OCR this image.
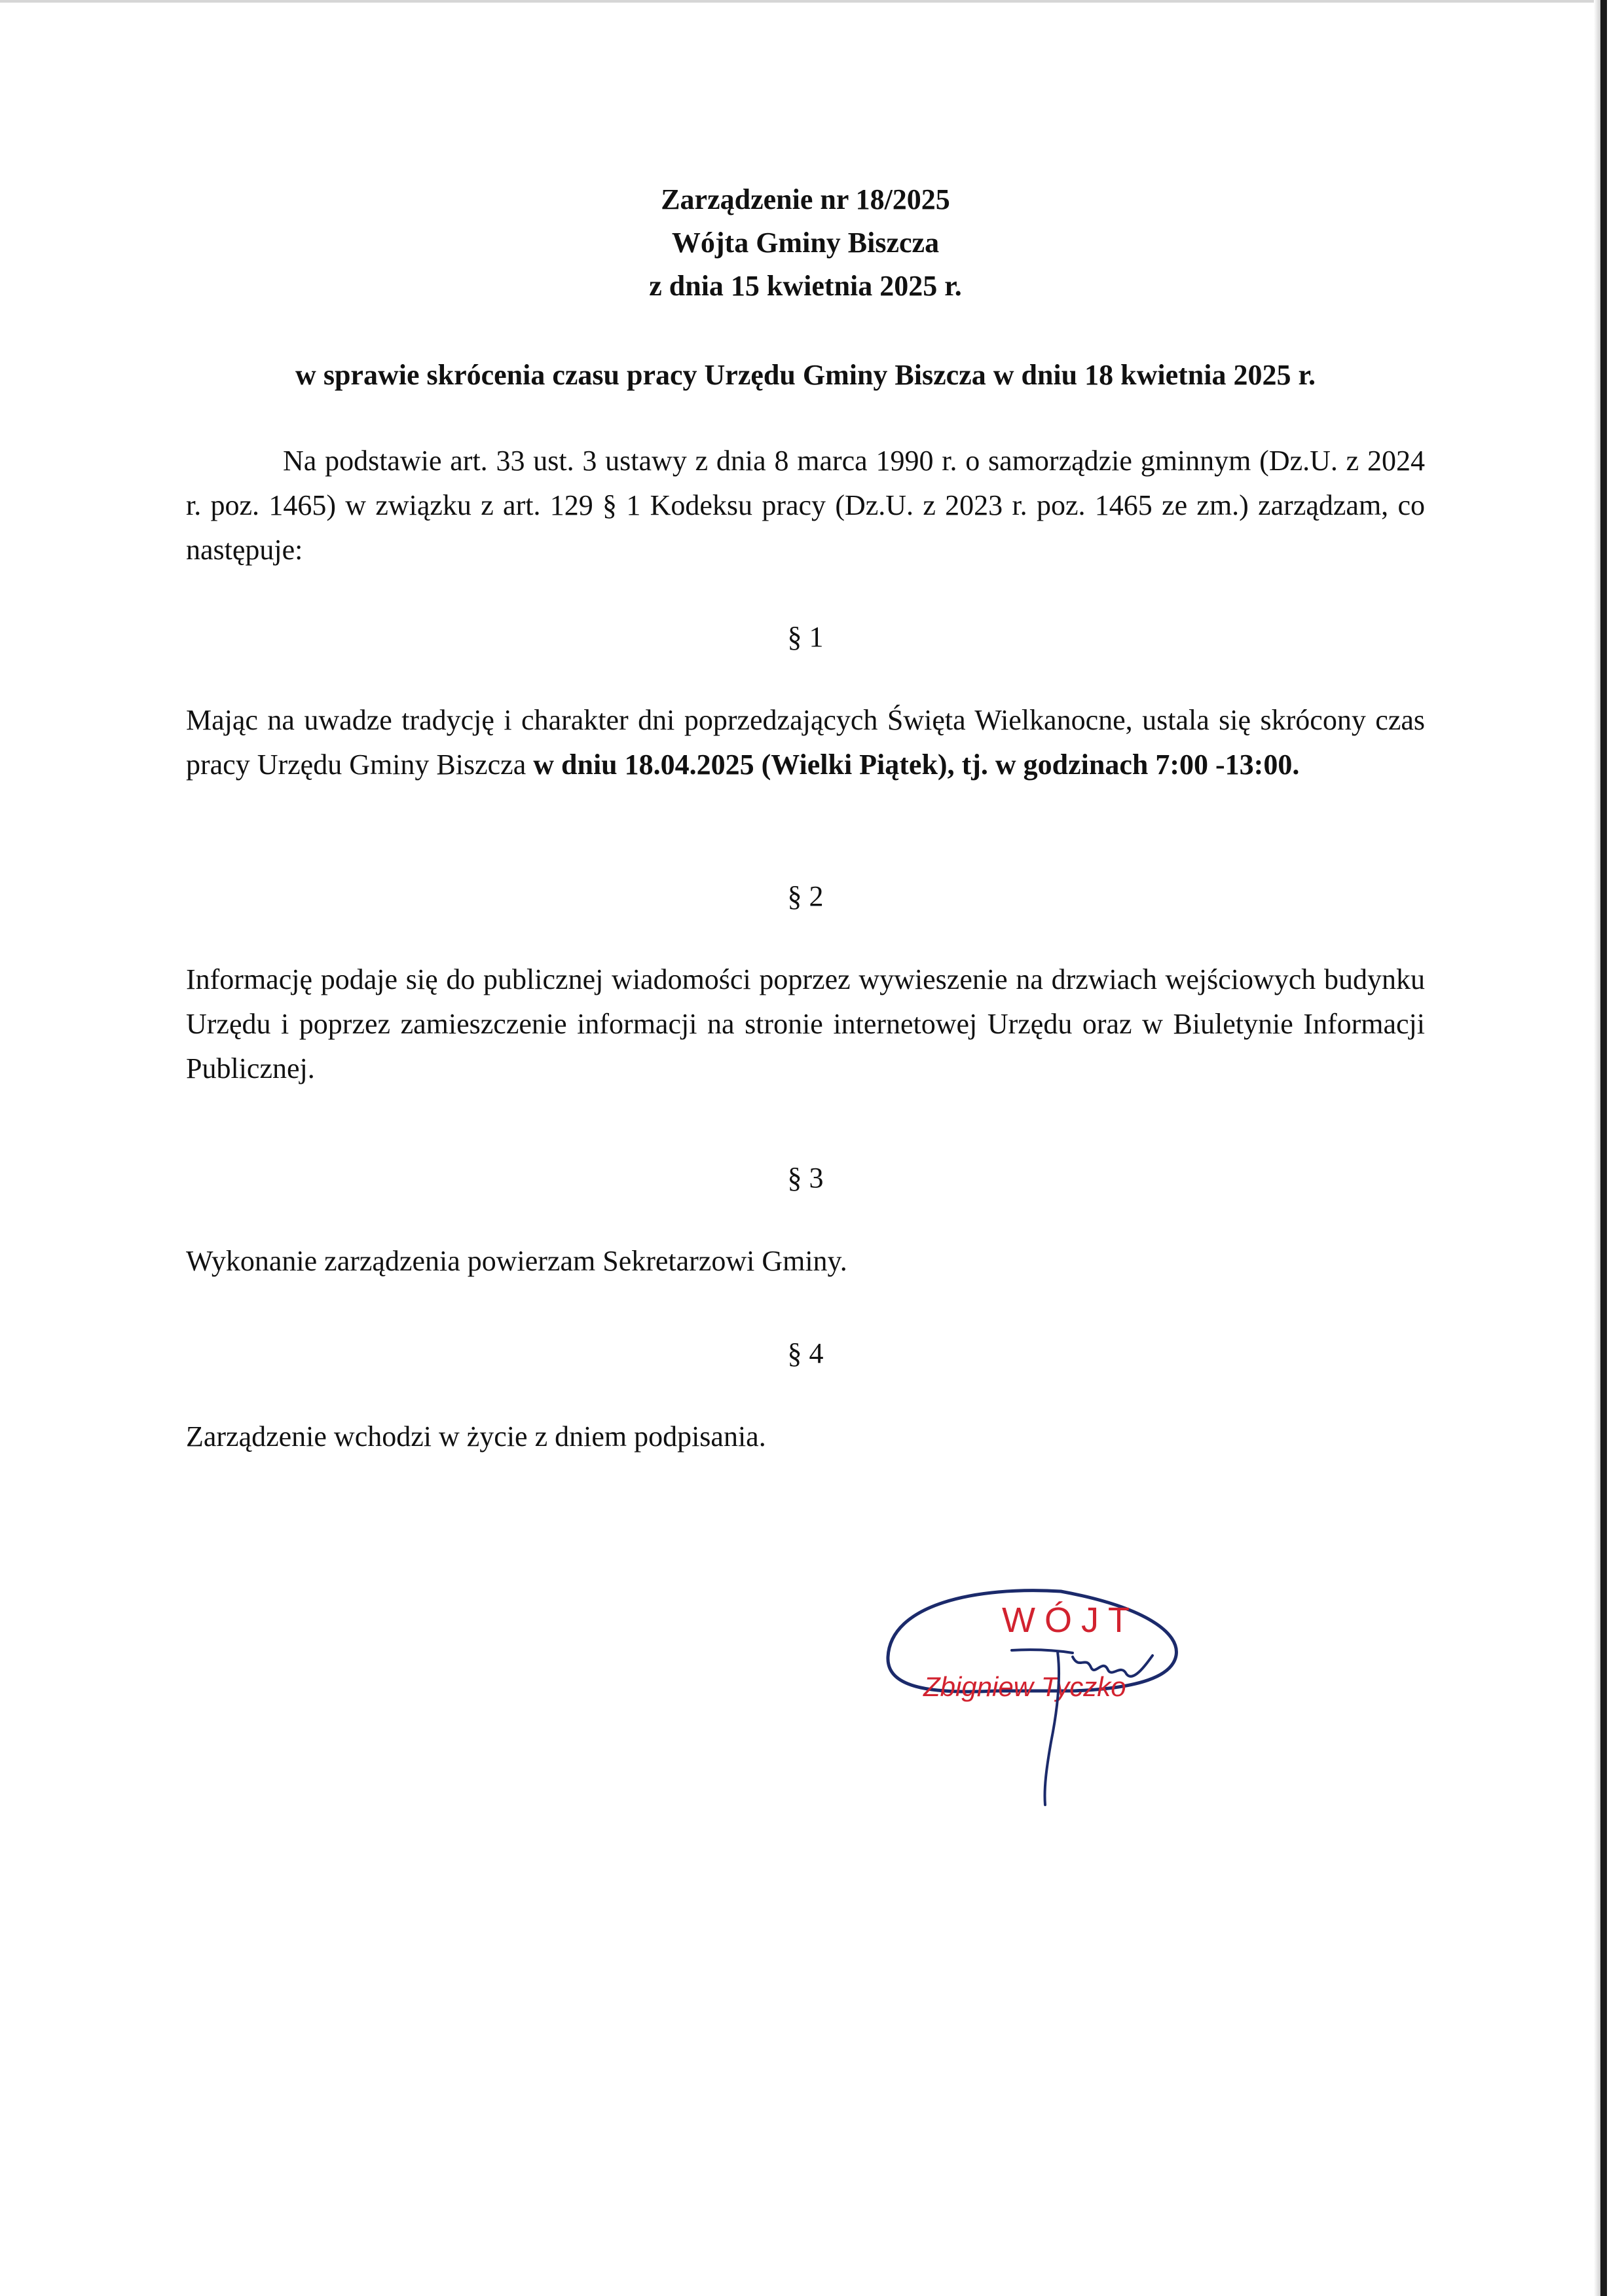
Zarządzenie nr 18/2025
Wójta Gminy Biszcza
z dnia 15 kwietnia 2025 r.
w sprawie skrócenia czasu pracy Urzędu Gminy Biszcza w dniu 18 kwietnia 2025 r.
Na podstawie art. 33 ust. 3 ustawy z dnia 8 marca 1990 r. o samorządzie gminnym (Dz.U. z 2024 r. poz. 1465) w związku z art. 129 § 1 Kodeksu pracy (Dz.U. z 2023 r. poz. 1465 ze zm.) zarządzam, co następuje:
§ 1
Mając na uwadze tradycję i charakter dni poprzedzających Święta Wielkanocne, ustala się skrócony czas pracy Urzędu Gminy Biszcza w dniu 18.04.2025 (Wielki Piątek), tj. w godzinach 7:00 -13:00.
§ 2
Informację podaje się do publicznej wiadomości poprzez wywieszenie na drzwiach wejściowych budynku Urzędu i poprzez zamieszczenie informacji na stronie internetowej Urzędu oraz w Biuletynie Informacji Publicznej.
§ 3
Wykonanie zarządzenia powierzam Sekretarzowi Gminy.
§ 4
Zarządzenie wchodzi w życie z dniem podpisania.
WÓJT
Zbigniew Tyczko
